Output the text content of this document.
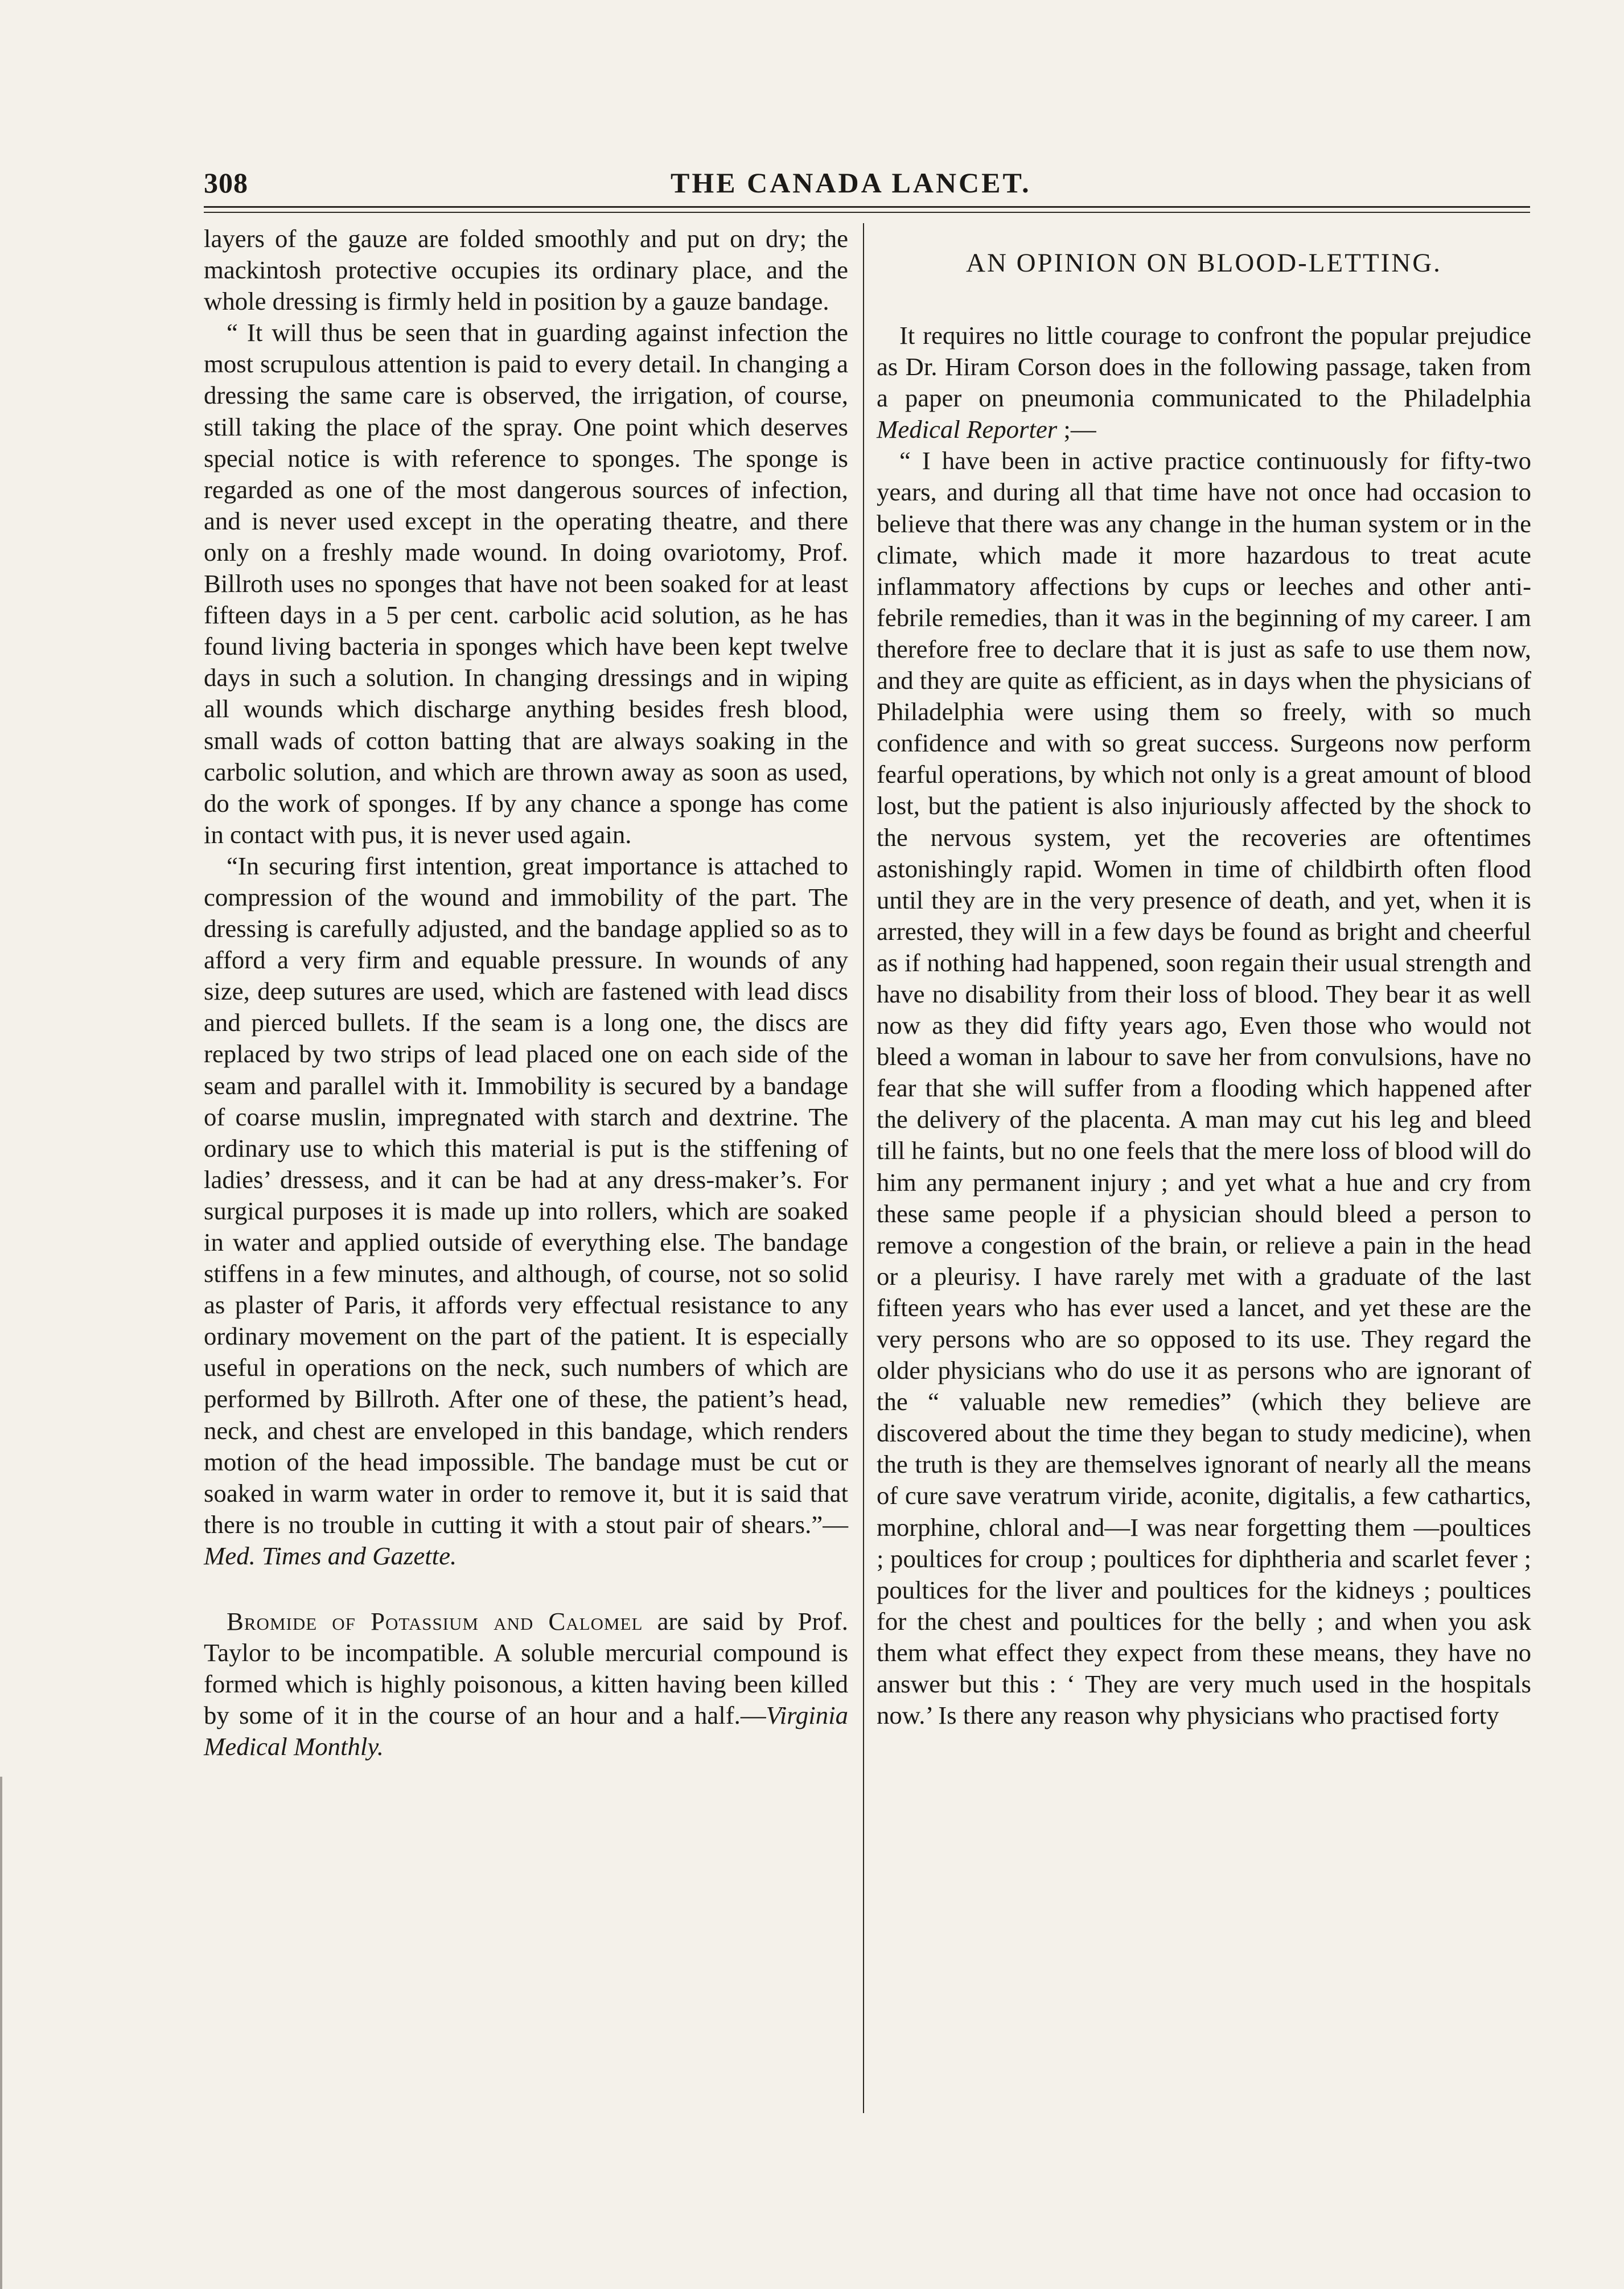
308	THE CANADA LANCET.

layers of the gauze are folded smoothly and put on dry; the mackintosh protective occupies its ordinary place, and the whole dressing is firmly held in position by a gauze bandage.

“ It will thus be seen that in guarding against infection the most scrupulous attention is paid to every detail. In changing a dressing the same care is observed, the irrigation, of course, still taking the place of the spray. One point which deserves special notice is with reference to sponges. The sponge is regarded as one of the most dangerous sources of infection, and is never used except in the operating theatre, and there only on a freshly made wound. In doing ovariotomy, Prof. Billroth uses no sponges that have not been soaked for at least fifteen days in a 5 per cent. carbolic acid solution, as he has found living bacteria in sponges which have been kept twelve days in such a solution. In changing dressings and in wiping all wounds which discharge anything besides fresh blood, small wads of cotton batting that are always soaking in the carbolic solution, and which are thrown away as soon as used, do the work of sponges. If by any chance a sponge has come in contact with pus, it is never used again.

“In securing first intention, great importance is attached to compression of the wound and immobility of the part. The dressing is carefully adjusted, and the bandage applied so as to afford a very firm and equable pressure. In wounds of any size, deep sutures are used, which are fastened with lead discs and pierced bullets. If the seam is a long one, the discs are replaced by two strips of lead placed one on each side of the seam and parallel with it. Immobility is secured by a bandage of coarse muslin, impregnated with starch and dextrine. The ordinary use to which this material is put is the stiffening of ladies’ dressess, and it can be had at any dress-maker’s. For surgical purposes it is made up into rollers, which are soaked in water and applied outside of everything else. The bandage stiffens in a few minutes, and although, of course, not so solid as plaster of Paris, it affords very effectual resistance to any ordinary movement on the part of the patient. It is especially useful in operations on the neck, such numbers of which are performed by Billroth. After one of these, the patient’s head, neck, and chest are enveloped in this bandage, which renders motion of the head impossible. The bandage must be cut or soaked in warm water in order to remove it, but it is said that there is no trouble in cutting it with a stout pair of shears.”—Med. Times and Gazette.

Bromide of Potassium and Calomel are said by Prof. Taylor to be incompatible. A soluble mercurial compound is formed which is highly poisonous, a kitten having been killed by some of it in the course of an hour and a half.—Virginia Medical Monthly.

AN OPINION ON BLOOD-LETTING.

It requires no little courage to confront the popular prejudice as Dr. Hiram Corson does in the following passage, taken from a paper on pneumonia communicated to the Philadelphia Medical Reporter ;—

“ I have been in active practice continuously for fifty-two years, and during all that time have not once had occasion to believe that there was any change in the human system or in the climate, which made it more hazardous to treat acute inflammatory affections by cups or leeches and other anti-febrile remedies, than it was in the beginning of my career. I am therefore free to declare that it is just as safe to use them now, and they are quite as efficient, as in days when the physicians of Philadelphia were using them so freely, with so much confidence and with so great success. Surgeons now perform fearful operations, by which not only is a great amount of blood lost, but the patient is also injuriously affected by the shock to the nervous system, yet the recoveries are oftentimes astonishingly rapid. Women in time of childbirth often flood until they are in the very presence of death, and yet, when it is arrested, they will in a few days be found as bright and cheerful as if nothing had happened, soon regain their usual strength and have no disability from their loss of blood. They bear it as well now as they did fifty years ago, Even those who would not bleed a woman in labour to save her from convulsions, have no fear that she will suffer from a flooding which happened after the delivery of the placenta. A man may cut his leg and bleed till he faints, but no one feels that the mere loss of blood will do him any permanent injury ; and yet what a hue and cry from these same people if a physician should bleed a person to remove a congestion of the brain, or relieve a pain in the head or a pleurisy. I have rarely met with a graduate of the last fifteen years who has ever used a lancet, and yet these are the very persons who are so opposed to its use. They regard the older physicians who do use it as persons who are ignorant of the “ valuable new remedies” (which they believe are discovered about the time they began to study medicine), when the truth is they are themselves ignorant of nearly all the means of cure save veratrum viride, aconite, digitalis, a few cathartics, morphine, chloral and—I was near forgetting them —poultices ; poultices for croup ; poultices for diphtheria and scarlet fever ; poultices for the liver and poultices for the kidneys ; poultices for the chest and poultices for the belly ; and when you ask them what effect they expect from these means, they have no answer but this : ‘ They are very much used in the hospitals now.’ Is there any reason why physicians who practised forty
